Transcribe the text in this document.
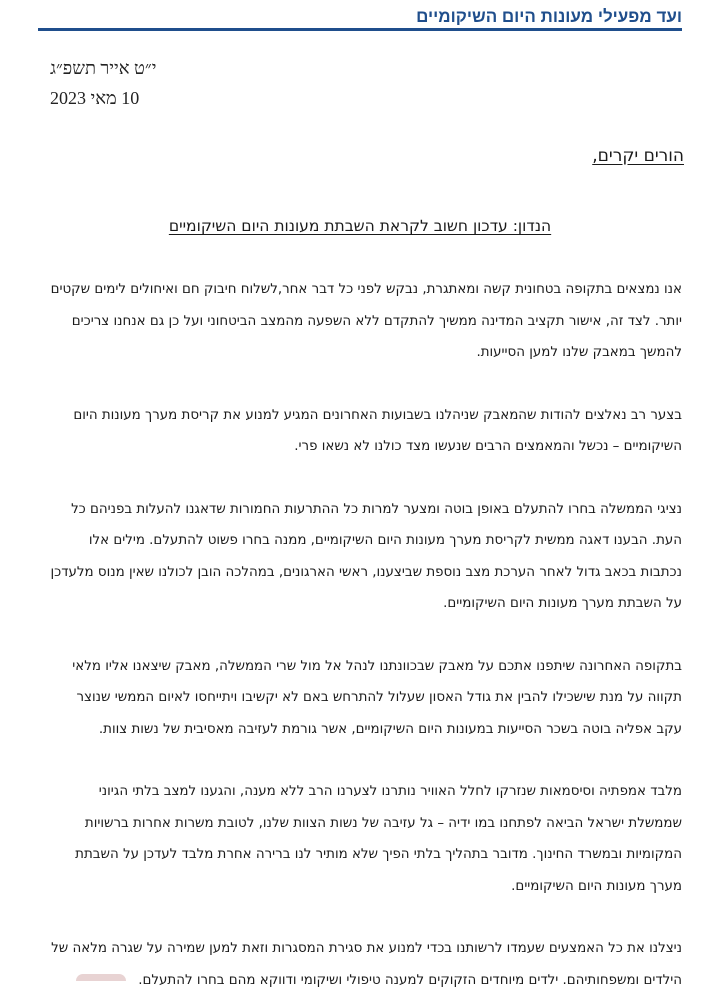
ועד מפעילי מעונות היום השיקומיים
י״ט אייר תשפ״ג
10 מאי 2023
הורים יקרים,
הנדון: עדכון חשוב לקראת השבתת מעונות היום השיקומיים

אנו נמצאים בתקופה בטחונית קשה ומאתגרת, נבקש לפני כל דבר אחר,לשלוח חיבוק חם ואיחולים לימים שקטים יותר. לצד זה, אישור תקציב המדינה ממשיך להתקדם ללא השפעה מהמצב הביטחוני ועל כן גם אנחנו צריכים להמשך במאבק שלנו למען הסייעות.

בצער רב נאלצים להודות שהמאבק שניהלנו בשבועות האחרונים המגיע למנוע את קריסת מערך מעונות היום השיקומיים – נכשל והמאמצים הרבים שנעשו מצד כולנו לא נשאו פרי.

נציגי הממשלה בחרו להתעלם באופן בוטה ומצער למרות כל ההתרעות החמורות שדאגנו להעלות בפניהם כל העת. הבענו דאגה ממשית לקריסת מערך מעונות היום השיקומיים, ממנה בחרו פשוט להתעלם. מילים אלו נכתבות בכאב גדול לאחר הערכת מצב נוספת שביצענו, ראשי הארגונים, במהלכה הובן לכולנו שאין מנוס מלעדכן על השבתת מערך מעונות היום השיקומיים.

בתקופה האחרונה שיתפנו אתכם על מאבק שבכוונתנו לנהל אל מול שרי הממשלה, מאבק שיצאנו אליו מלאי תקווה על מנת שישכילו להבין את גודל האסון שעלול להתרחש באם לא יקשיבו ויתייחסו לאיום הממשי שנוצר עקב אפליה בוטה בשכר הסייעות במעונות היום השיקומיים, אשר גורמת לעזיבה מאסיבית של נשות צוות.

מלבד אמפתיה וסיסמאות שנזרקו לחלל האוויר נותרנו לצערנו הרב ללא מענה, והגענו למצב בלתי הגיוני שממשלת ישראל הביאה לפתחנו במו ידיה – גל עזיבה של נשות הצוות שלנו, לטובת משרות אחרות ברשויות המקומיות ובמשרד החינוך. מדובר בתהליך בלתי הפיך שלא מותיר לנו ברירה אחרת מלבד לעדכן על השבתת מערך מעונות היום השיקומיים.

ניצלנו את כל האמצעים שעמדו לרשותנו בכדי למנוע את סגירת המסגרות וזאת למען שמירה על שגרה מלאה של הילדים ומשפחותיהם. ילדים מיוחדים הזקוקים למענה טיפולי ושיקומי ודווקא מהם בחרו להתעלם.
